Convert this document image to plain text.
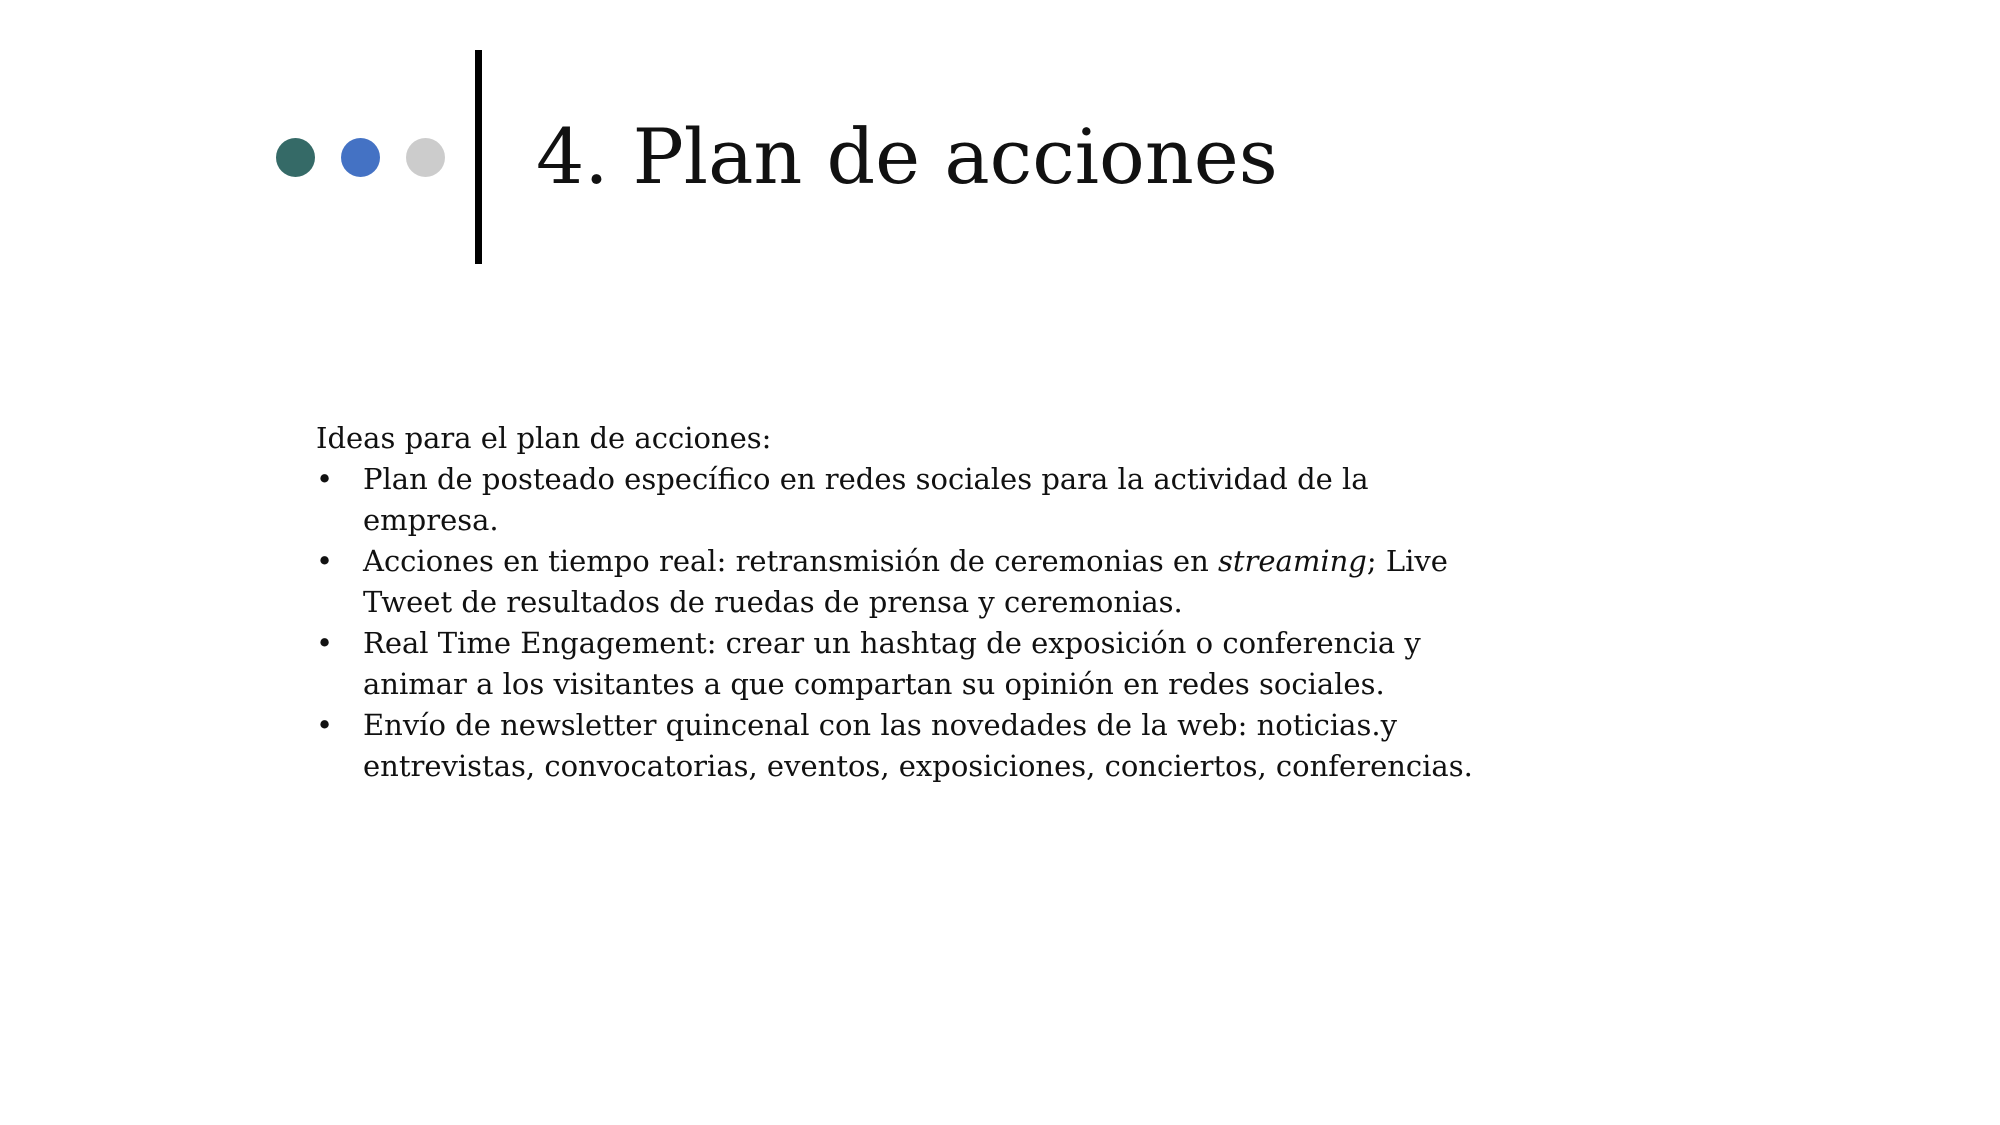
4. Plan de acciones

Ideas para el plan de acciones:

• Plan de posteado específico en redes sociales para la actividad de la empresa.
• Acciones en tiempo real: retransmisión de ceremonias en streaming; Live Tweet de resultados de ruedas de prensa y ceremonias.
• Real Time Engagement: crear un hashtag de exposición o conferencia y animar a los visitantes a que compartan su opinión en redes sociales.
• Envío de newsletter quincenal con las novedades de la web: noticias.y entrevistas, convocatorias, eventos, exposiciones, conciertos, conferencias.
